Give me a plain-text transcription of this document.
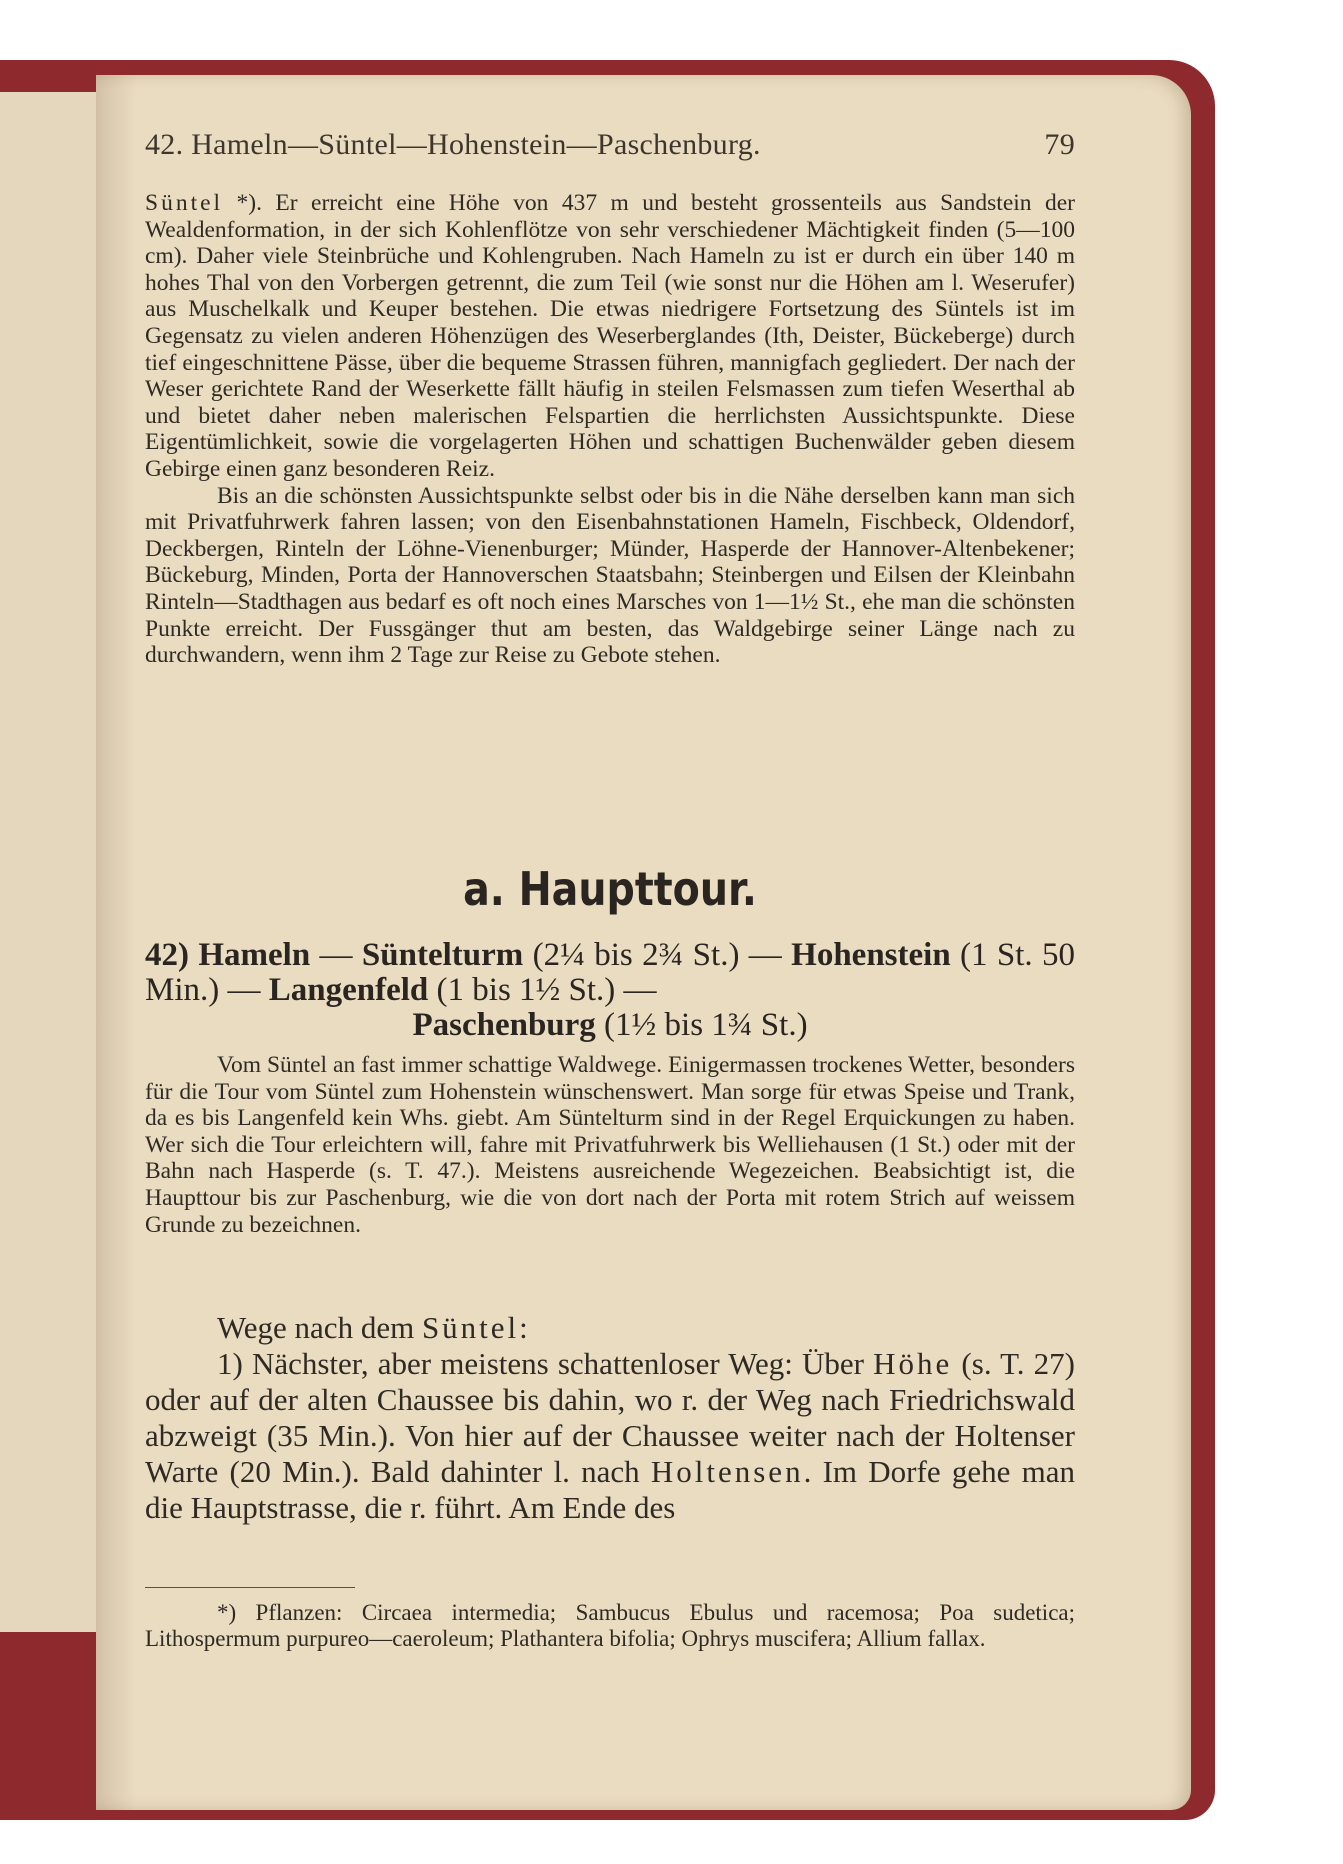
42. Hameln—Süntel—Hohenstein—Paschenburg.	79

Süntel *). Er erreicht eine Höhe von 437 m und besteht grossenteils aus Sandstein der Wealdenformation, in der sich Kohlenflötze von sehr verschiedener Mächtigkeit finden (5—100 cm). Daher viele Steinbrüche und Kohlengruben. Nach Hameln zu ist er durch ein über 140 m hohes Thal von den Vorbergen getrennt, die zum Teil (wie sonst nur die Höhen am l. Weserufer) aus Muschelkalk und Keuper bestehen. Die etwas niedrigere Fortsetzung des Süntels ist im Gegensatz zu vielen anderen Höhenzügen des Weserberglandes (Ith, Deister, Bückeberge) durch tief eingeschnittene Pässe, über die bequeme Strassen führen, mannigfach gegliedert. Der nach der Weser gerichtete Rand der Weserkette fällt häufig in steilen Felsmassen zum tiefen Weserthal ab und bietet daher neben malerischen Felspartien die herrlichsten Aussichtspunkte. Diese Eigentümlichkeit, sowie die vorgelagerten Höhen und schattigen Buchenwälder geben diesem Gebirge einen ganz besonderen Reiz.

Bis an die schönsten Aussichtspunkte selbst oder bis in die Nähe derselben kann man sich mit Privatfuhrwerk fahren lassen; von den Eisenbahnstationen Hameln, Fischbeck, Oldendorf, Deckbergen, Rinteln der Löhne-Vienenburger; Münder, Hasperde der Hannover-Altenbekener; Bückeburg, Minden, Porta der Hannoverschen Staatsbahn; Steinbergen und Eilsen der Kleinbahn Rinteln—Stadthagen aus bedarf es oft noch eines Marsches von 1—1½ St., ehe man die schönsten Punkte erreicht. Der Fussgänger thut am besten, das Waldgebirge seiner Länge nach zu durchwandern, wenn ihm 2 Tage zur Reise zu Gebote stehen.

a. Haupttour.
42) Hameln — Süntelturm (2¼ bis 2¾ St.) — Hohenstein (1 St. 50 Min.) — Langenfeld (1 bis 1½ St.) —
Paschenburg (1½ bis 1¾ St.)

Vom Süntel an fast immer schattige Waldwege. Einigermassen trockenes Wetter, besonders für die Tour vom Süntel zum Hohenstein wünschenswert. Man sorge für etwas Speise und Trank, da es bis Langenfeld kein Whs. giebt. Am Süntelturm sind in der Regel Erquickungen zu haben. Wer sich die Tour erleichtern will, fahre mit Privatfuhrwerk bis Welliehausen (1 St.) oder mit der Bahn nach Hasperde (s. T. 47.). Meistens ausreichende Wegezeichen. Beabsichtigt ist, die Haupttour bis zur Paschenburg, wie die von dort nach der Porta mit rotem Strich auf weissem Grunde zu bezeichnen.

Wege nach dem Süntel:

1) Nächster, aber meistens schattenloser Weg: Über Höhe (s. T. 27) oder auf der alten Chaussee bis dahin, wo r. der Weg nach Friedrichswald abzweigt (35 Min.). Von hier auf der Chaussee weiter nach der Holtenser Warte (20 Min.). Bald dahinter l. nach Holtensen. Im Dorfe gehe man die Hauptstrasse, die r. führt. Am Ende des

*) Pflanzen: Circaea intermedia; Sambucus Ebulus und racemosa; Poa sudetica; Lithospermum purpureo—caeroleum; Plathantera bifolia; Ophrys muscifera; Allium fallax.
